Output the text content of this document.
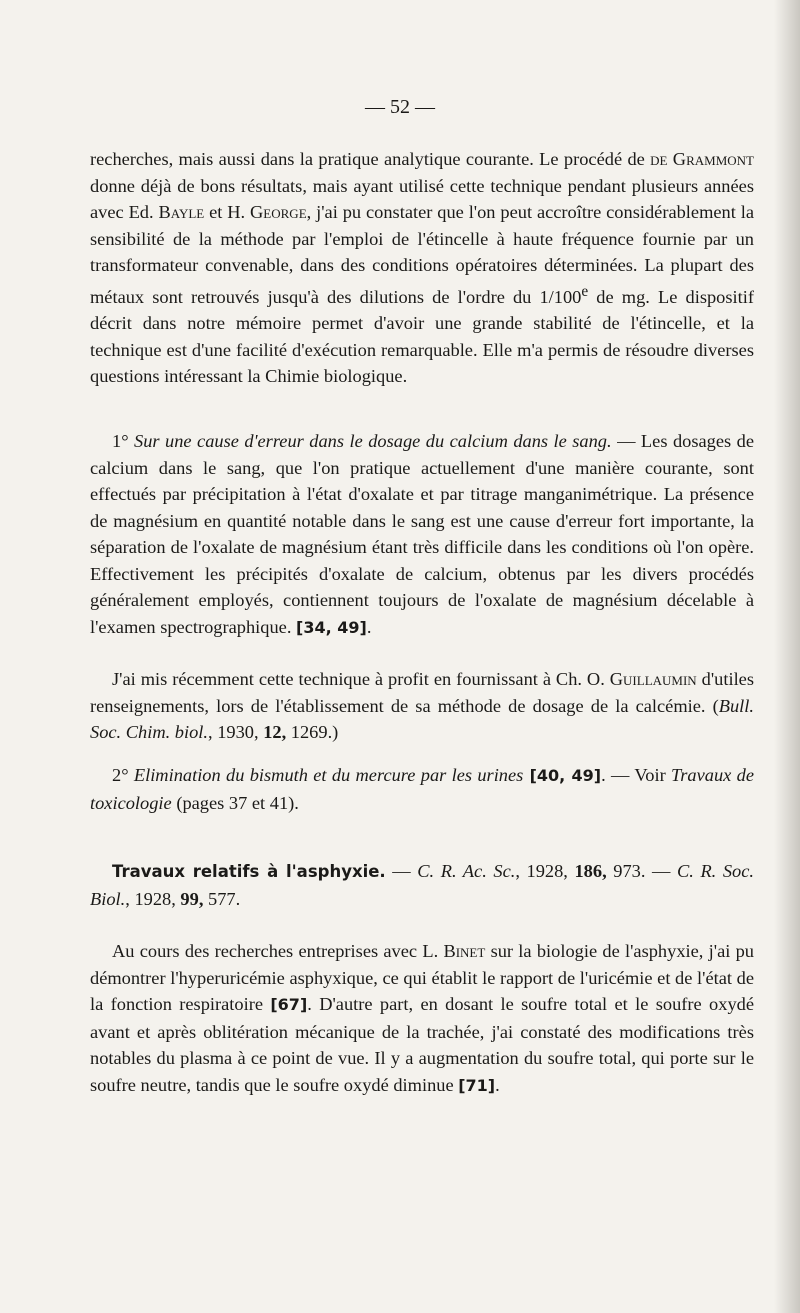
— 52 —

recherches, mais aussi dans la pratique analytique courante. Le procédé de de Grammont donne déjà de bons résultats, mais ayant utilisé cette technique pendant plusieurs années avec Ed. Bayle et H. George, j'ai pu constater que l'on peut accroître considérablement la sensibilité de la méthode par l'emploi de l'étincelle à haute fréquence fournie par un transformateur convenable, dans des conditions opératoires déterminées. La plupart des métaux sont retrouvés jusqu'à des dilutions de l'ordre du 1/100e de mg. Le dispositif décrit dans notre mémoire permet d'avoir une grande stabilité de l'étincelle, et la technique est d'une facilité d'exécution remarquable. Elle m'a permis de résoudre diverses questions intéressant la Chimie biologique.

1° Sur une cause d'erreur dans le dosage du calcium dans le sang. — Les dosages de calcium dans le sang, que l'on pratique actuellement d'une manière courante, sont effectués par précipitation à l'état d'oxalate et par titrage manganimétrique. La présence de magnésium en quantité notable dans le sang est une cause d'erreur fort importante, la séparation de l'oxalate de magnésium étant très difficile dans les conditions où l'on opère. Effectivement les précipités d'oxalate de calcium, obtenus par les divers procédés généralement employés, contiennent toujours de l'oxalate de magnésium décelable à l'examen spectrographique. [34, 49].

J'ai mis récemment cette technique à profit en fournissant à Ch. O. Guillaumin d'utiles renseignements, lors de l'établissement de sa méthode de dosage de la calcémie. (Bull. Soc. Chim. biol., 1930, 12, 1269.)

2° Elimination du bismuth et du mercure par les urines [40, 49]. — Voir Travaux de toxicologie (pages 37 et 41).

Travaux relatifs à l'asphyxie. — C. R. Ac. Sc., 1928, 186, 973. — C. R. Soc. Biol., 1928, 99, 577.

Au cours des recherches entreprises avec L. Binet sur la biologie de l'asphyxie, j'ai pu démontrer l'hyperuricémie asphyxique, ce qui établit le rapport de l'uricémie et de l'état de la fonction respiratoire [67]. D'autre part, en dosant le soufre total et le soufre oxydé avant et après oblitération mécanique de la trachée, j'ai constaté des modifications très notables du plasma à ce point de vue. Il y a augmentation du soufre total, qui porte sur le soufre neutre, tandis que le soufre oxydé diminue [71].
